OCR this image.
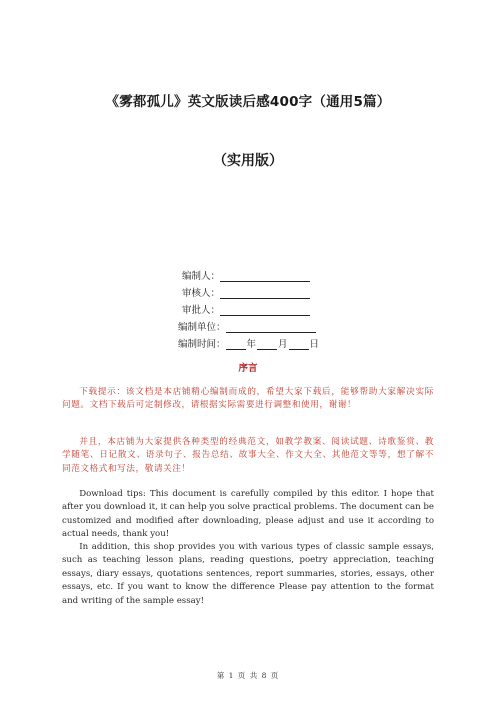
《雾都孤儿》英文版读后感400字（通用5篇）
（实用版）
编制人：
审核人：
审批人：
编制单位：
编制时间： 年 月 日
序言

下载提示：该文档是本店铺精心编制而成的，希望大家下载后，能够帮助大家解决实际问题。文档下载后可定制修改，请根据实际需要进行调整和使用，谢谢！

并且，本店铺为大家提供各种类型的经典范文，如教学教案、阅读试题、诗歌鉴赏、教学随笔、日记散文、语录句子、报告总结、故事大全、作文大全、其他范文等等，想了解不同范文格式和写法，敬请关注！

Download tips: This document is carefully compiled by this editor. I hope that after you download it, it can help you solve practical problems. The document can be customized and modified after downloading, please adjust and use it according to actual needs, thank you!

In addition, this shop provides you with various types of classic sample essays, such as teaching lesson plans, reading questions, poetry appreciation, teaching essays, diary essays, quotations sentences, report summaries, stories, essays, other essays, etc. If you want to know the difference Please pay attention to the format and writing of the sample essay!

第 1 页 共 8 页
